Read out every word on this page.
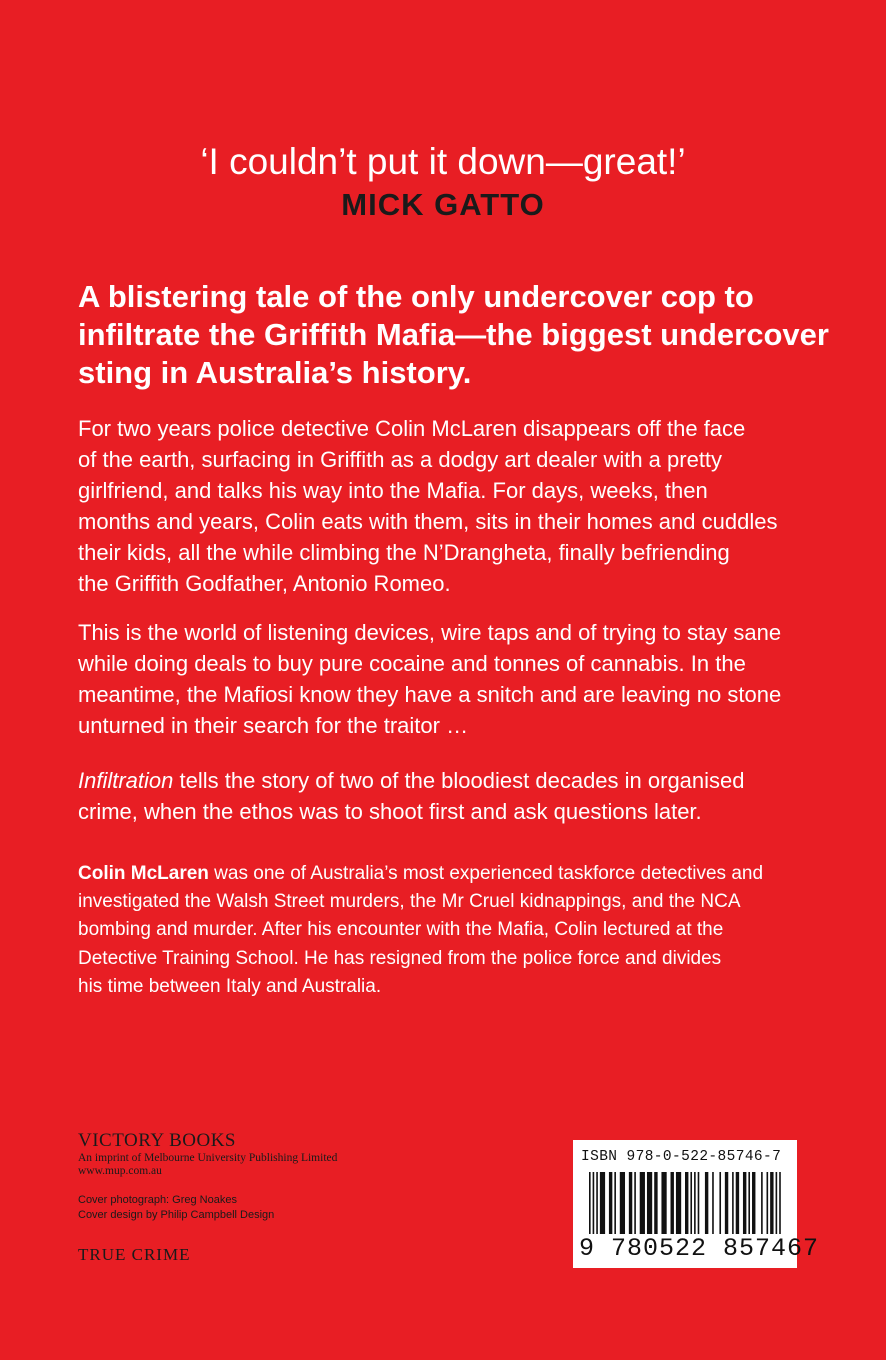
‘I couldn’t put it down—great!’
MICK GATTO
A blistering tale of the only undercover cop to
infiltrate the Griffith Mafia—the biggest undercover
sting in Australia’s history.
For two years police detective Colin McLaren disappears off the face
of the earth, surfacing in Griffith as a dodgy art dealer with a pretty
girlfriend, and talks his way into the Mafia. For days, weeks, then
months and years, Colin eats with them, sits in their homes and cuddles
their kids, all the while climbing the N’Drangheta, finally befriending
the Griffith Godfather, Antonio Romeo.
This is the world of listening devices, wire taps and of trying to stay sane
while doing deals to buy pure cocaine and tonnes of cannabis. In the
meantime, the Mafiosi know they have a snitch and are leaving no stone
unturned in their search for the traitor …
Infiltration tells the story of two of the bloodiest decades in organised
crime, when the ethos was to shoot first and ask questions later.
Colin McLaren was one of Australia’s most experienced taskforce detectives and
investigated the Walsh Street murders, the Mr Cruel kidnappings, and the NCA
bombing and murder. After his encounter with the Mafia, Colin lectured at the
Detective Training School. He has resigned from the police force and divides
his time between Italy and Australia.
VICTORY BOOKS
An imprint of Melbourne University Publishing Limited
www.mup.com.au
Cover photograph: Greg Noakes
Cover design by Philip Campbell Design
TRUE CRIME
ISBN 978-0-522-85746-7
9 780522 857467
